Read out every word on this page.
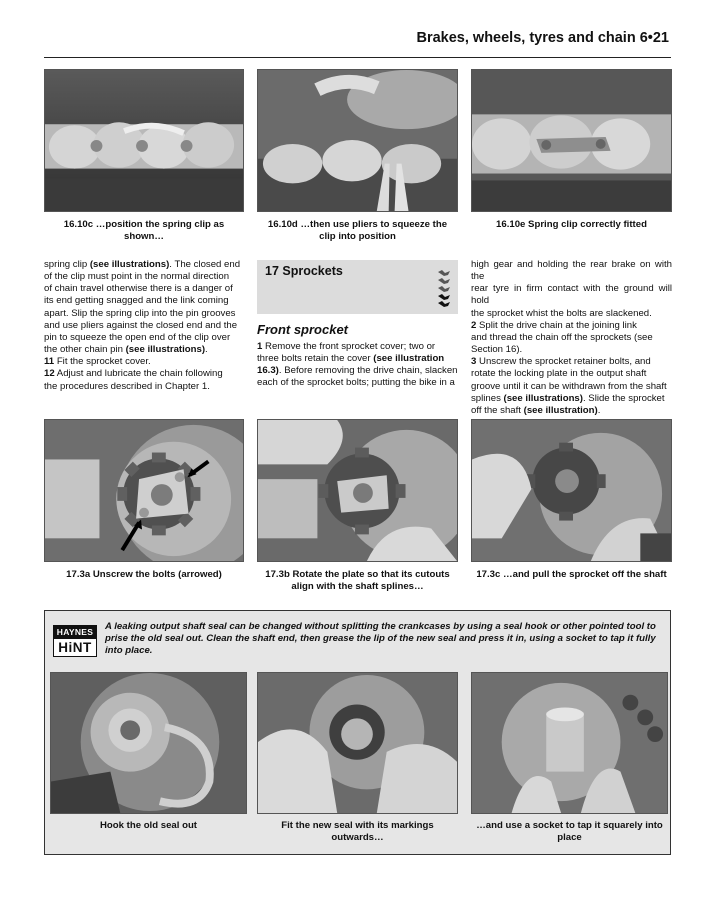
Brakes, wheels, tyres and chain 6•21
16.10c …position the spring clip as
shown…
16.10d …then use pliers to squeeze the
clip into position
16.10e Spring clip correctly fitted

spring clip (see illustrations). The closed end

of the clip must point in the normal direction

of chain travel otherwise there is a danger of

its end getting snagged and the link coming

apart. Slip the spring clip into the pin grooves

and use pliers against the closed end and the

pin to squeeze the open end of the clip over

the other chain pin (see illustrations).

11 Fit the sprocket cover.

12 Adjust and lubricate the chain following

the procedures described in Chapter 1.

17 Sprockets
Front sprocket

1 Remove the front sprocket cover; two or

three bolts retain the cover (see illustration

16.3). Before removing the drive chain, slacken

each of the sprocket bolts; putting the bike in a

high gear and holding the rear brake on with the

rear tyre in firm contact with the ground will hold

the sprocket whist the bolts are slackened.

2 Split the drive chain at the joining link

and thread the chain off the sprockets (see

Section 16).

3 Unscrew the sprocket retainer bolts, and

rotate the locking plate in the output shaft

groove until it can be withdrawn from the shaft

splines (see illustrations). Slide the sprocket

off the shaft (see illustration).

17.3a Unscrew the bolts (arrowed)	17.3b Rotate the plate so that its cutouts
align with the shaft splines…
17.3c …and pull the sprocket off the shaft
HAYNES
HiNT
A leaking output shaft seal can be changed without splitting the crankcases by using a seal hook or other pointed tool to
prise the old seal out. Clean the shaft end, then grease the lip of the new seal and press it in, using a socket to tap it fully
into place.
Hook the old seal out	Fit the new seal with its markings
outwards…
…and use a socket to tap it squarely into
place
